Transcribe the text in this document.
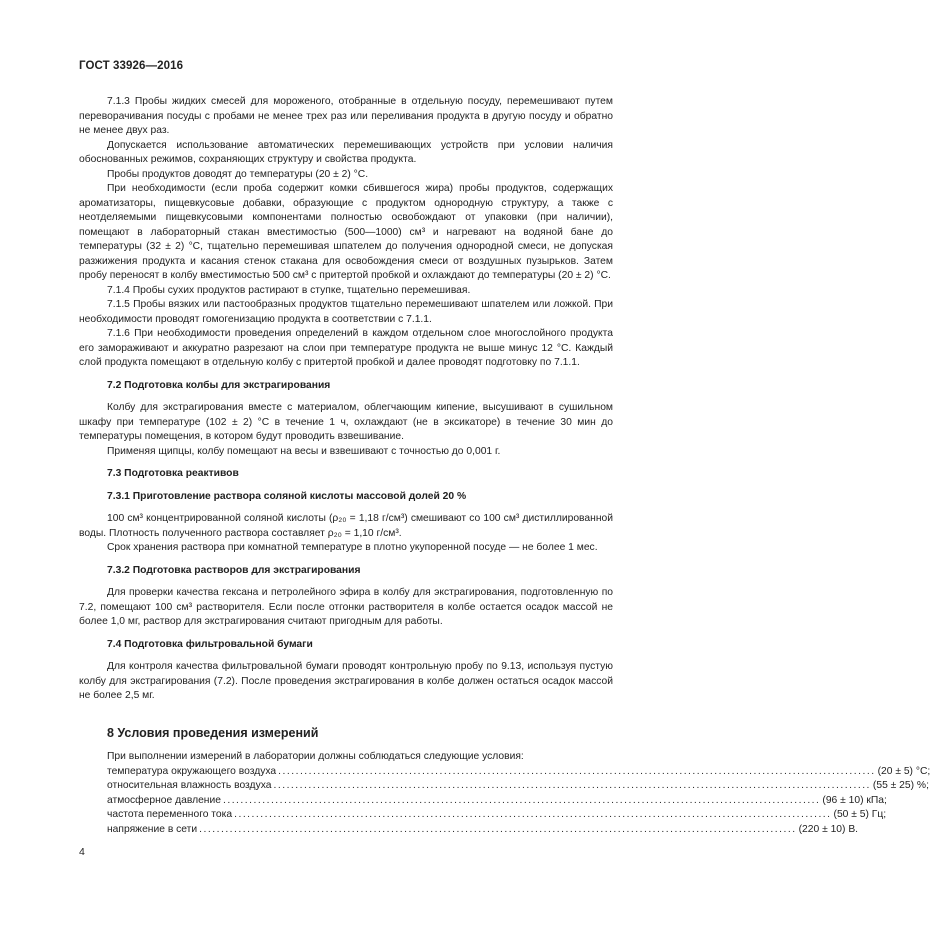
ГОСТ 33926—2016

7.1.3 Пробы жидких смесей для мороженого, отобранные в отдельную посуду, перемешивают путем переворачивания посуды с пробами не менее трех раз или переливания продукта в другую посуду и обратно не менее двух раз.

Допускается использование автоматических перемешивающих устройств при условии наличия обоснованных режимов, сохраняющих структуру и свойства продукта.

Пробы продуктов доводят до температуры (20 ± 2) °C.

При необходимости (если проба содержит комки сбившегося жира) пробы продуктов, содержащих ароматизаторы, пищевкусовые добавки, образующие с продуктом однородную структуру, а также с неотделяемыми пищевкусовыми компонентами полностью освобождают от упаковки (при наличии), помещают в лабораторный стакан вместимостью (500—1000) см³ и нагревают на водяной бане до температуры (32 ± 2) °C, тщательно перемешивая шпателем до получения однородной смеси, не допуская разжижения продукта и касания стенок стакана для освобождения смеси от воздушных пузырьков. Затем пробу переносят в колбу вместимостью 500 см³ с притертой пробкой и охлаждают до температуры (20 ± 2) °C.

7.1.4 Пробы сухих продуктов растирают в ступке, тщательно перемешивая.

7.1.5 Пробы вязких или пастообразных продуктов тщательно перемешивают шпателем или ложкой. При необходимости проводят гомогенизацию продукта в соответствии с 7.1.1.

7.1.6 При необходимости проведения определений в каждом отдельном слое многослойного продукта его замораживают и аккуратно разрезают на слои при температуре продукта не выше минус 12 °C. Каждый слой продукта помещают в отдельную колбу с притертой пробкой и далее проводят подготовку по 7.1.1.

7.2 Подготовка колбы для экстрагирования

Колбу для экстрагирования вместе с материалом, облегчающим кипение, высушивают в сушильном шкафу при температуре (102 ± 2) °C в течение 1 ч, охлаждают (не в эксикаторе) в течение 30 мин до температуры помещения, в котором будут проводить взвешивание.

Применяя щипцы, колбу помещают на весы и взвешивают с точностью до 0,001 г.

7.3 Подготовка реактивов

7.3.1 Приготовление раствора соляной кислоты массовой долей 20 %

100 см³ концентрированной соляной кислоты (ρ₂₀ = 1,18 г/см³) смешивают со 100 см³ дистиллированной воды. Плотность полученного раствора составляет ρ₂₀ = 1,10 г/см³.

Срок хранения раствора при комнатной температуре в плотно укупоренной посуде — не более 1 мес.

7.3.2 Подготовка растворов для экстрагирования

Для проверки качества гексана и петролейного эфира в колбу для экстрагирования, подготовленную по 7.2, помещают 100 см³ растворителя. Если после отгонки растворителя в колбе остается осадок массой не более 1,0 мг, раствор для экстрагирования считают пригодным для работы.

7.4 Подготовка фильтровальной бумаги

Для контроля качества фильтровальной бумаги проводят контрольную пробу по 9.13, используя пустую колбу для экстрагирования (7.2). После проведения экстрагирования в колбе должен остаться осадок массой не более 2,5 мг.

8 Условия проведения измерений

При выполнении измерений в лаборатории должны соблюдаться следующие условия:

температура окружающего воздуха ......................................................................................................................................... (20 ± 5) °C;
относительная влажность воздуха ......................................................................................................................................... (55 ± 25) %;
атмосферное давление ......................................................................................................................................... (96 ± 10) кПа;
частота переменного тока ......................................................................................................................................... (50 ± 5) Гц;
напряжение в сети ......................................................................................................................................... (220 ± 10) В.
4
